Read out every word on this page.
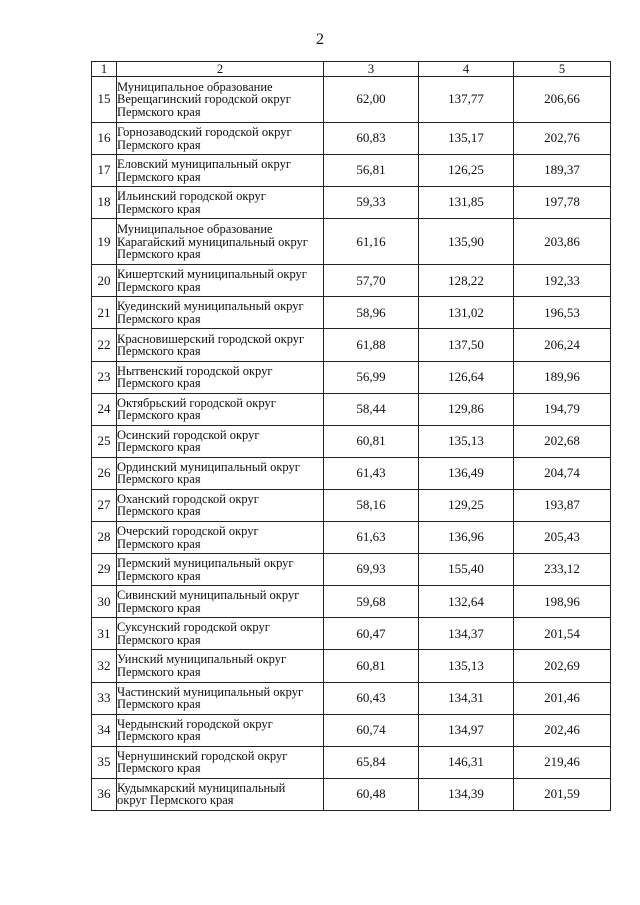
2
1	2	3	4	5
15	Муниципальное образование
Верещагинский городской округ
Пермского края	62,00	137,77	206,66
16	Горнозаводский городской округ
Пермского края	60,83	135,17	202,76
17	Еловский муниципальный округ
Пермского края	56,81	126,25	189,37
18	Ильинский городской округ
Пермского края	59,33	131,85	197,78
19	Муниципальное образование
Карагайский муниципальный округ
Пермского края	61,16	135,90	203,86
20	Кишертский муниципальный округ
Пермского края	57,70	128,22	192,33
21	Куединский муниципальный округ
Пермского края	58,96	131,02	196,53
22	Красновишерский городской округ
Пермского края	61,88	137,50	206,24
23	Нытвенский городской округ
Пермского края	56,99	126,64	189,96
24	Октябрьский городской округ
Пермского края	58,44	129,86	194,79
25	Осинский городской округ
Пермского края	60,81	135,13	202,68
26	Ординский муниципальный округ
Пермского края	61,43	136,49	204,74
27	Оханский городской округ
Пермского края	58,16	129,25	193,87
28	Очерский городской округ
Пермского края	61,63	136,96	205,43
29	Пермский муниципальный округ
Пермского края	69,93	155,40	233,12
30	Сивинский муниципальный округ
Пермского края	59,68	132,64	198,96
31	Суксунский городской округ
Пермского края	60,47	134,37	201,54
32	Уинский муниципальный округ
Пермского края	60,81	135,13	202,69
33	Частинский муниципальный округ
Пермского края	60,43	134,31	201,46
34	Чердынский городской округ
Пермского края	60,74	134,97	202,46
35	Чернушинский городской округ
Пермского края	65,84	146,31	219,46
36	Кудымкарский муниципальный
округ Пермского края	60,48	134,39	201,59
